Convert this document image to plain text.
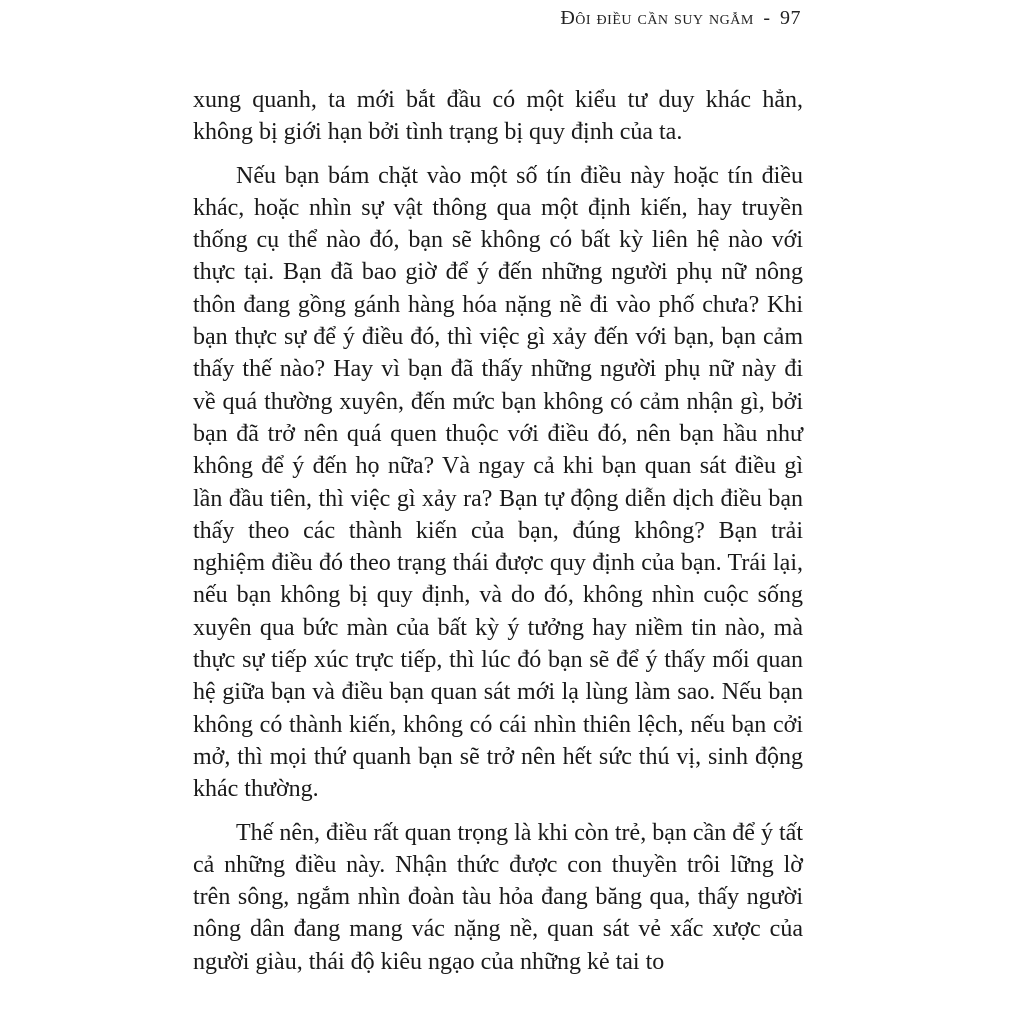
Đôi điều cần suy ngẫm - 97

xung quanh, ta mới bắt đầu có một kiểu tư duy khác hẳn, không bị giới hạn bởi tình trạng bị quy định của ta.

Nếu bạn bám chặt vào một số tín điều này hoặc tín điều khác, hoặc nhìn sự vật thông qua một định kiến, hay truyền thống cụ thể nào đó, bạn sẽ không có bất kỳ liên hệ nào với thực tại. Bạn đã bao giờ để ý đến những người phụ nữ nông thôn đang gồng gánh hàng hóa nặng nề đi vào phố chưa? Khi bạn thực sự để ý điều đó, thì việc gì xảy đến với bạn, bạn cảm thấy thế nào? Hay vì bạn đã thấy những người phụ nữ này đi về quá thường xuyên, đến mức bạn không có cảm nhận gì, bởi bạn đã trở nên quá quen thuộc với điều đó, nên bạn hầu như không để ý đến họ nữa? Và ngay cả khi bạn quan sát điều gì lần đầu tiên, thì việc gì xảy ra? Bạn tự động diễn dịch điều bạn thấy theo các thành kiến của bạn, đúng không? Bạn trải nghiệm điều đó theo trạng thái được quy định của bạn. Trái lại, nếu bạn không bị quy định, và do đó, không nhìn cuộc sống xuyên qua bức màn của bất kỳ ý tưởng hay niềm tin nào, mà thực sự tiếp xúc trực tiếp, thì lúc đó bạn sẽ để ý thấy mối quan hệ giữa bạn và điều bạn quan sát mới lạ lùng làm sao. Nếu bạn không có thành kiến, không có cái nhìn thiên lệch, nếu bạn cởi mở, thì mọi thứ quanh bạn sẽ trở nên hết sức thú vị, sinh động khác thường.

Thế nên, điều rất quan trọng là khi còn trẻ, bạn cần để ý tất cả những điều này. Nhận thức được con thuyền trôi lững lờ trên sông, ngắm nhìn đoàn tàu hỏa đang băng qua, thấy người nông dân đang mang vác nặng nề, quan sát vẻ xấc xược của người giàu, thái độ kiêu ngạo của những kẻ tai to
